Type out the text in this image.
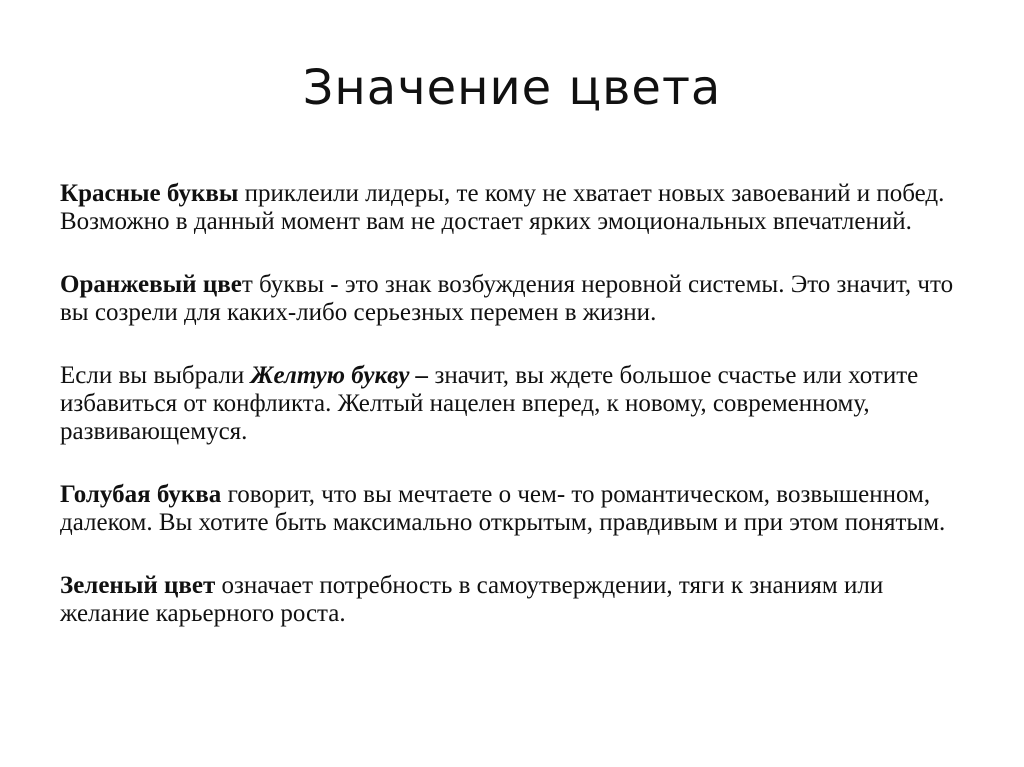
Значение цвета

Красные буквы приклеили лидеры, те кому не хватает новых завоеваний и побед. Возможно в данный момент вам не достает ярких эмоциональных впечатлений.

Оранжевый цвет буквы - это знак возбуждения неровной системы. Это значит, что вы созрели для каких-либо серьезных перемен в жизни.

Если вы выбрали Желтую букву – значит, вы ждете большое счастье или хотите избавиться от конфликта. Желтый нацелен вперед, к новому, современному, развивающемуся.

Голубая буква говорит, что вы мечтаете о чем- то романтическом, возвышенном, далеком. Вы хотите быть максимально открытым, правдивым и при этом понятым.

Зеленый цвет означает потребность в самоутверждении, тяги к знаниям или желание карьерного роста.
